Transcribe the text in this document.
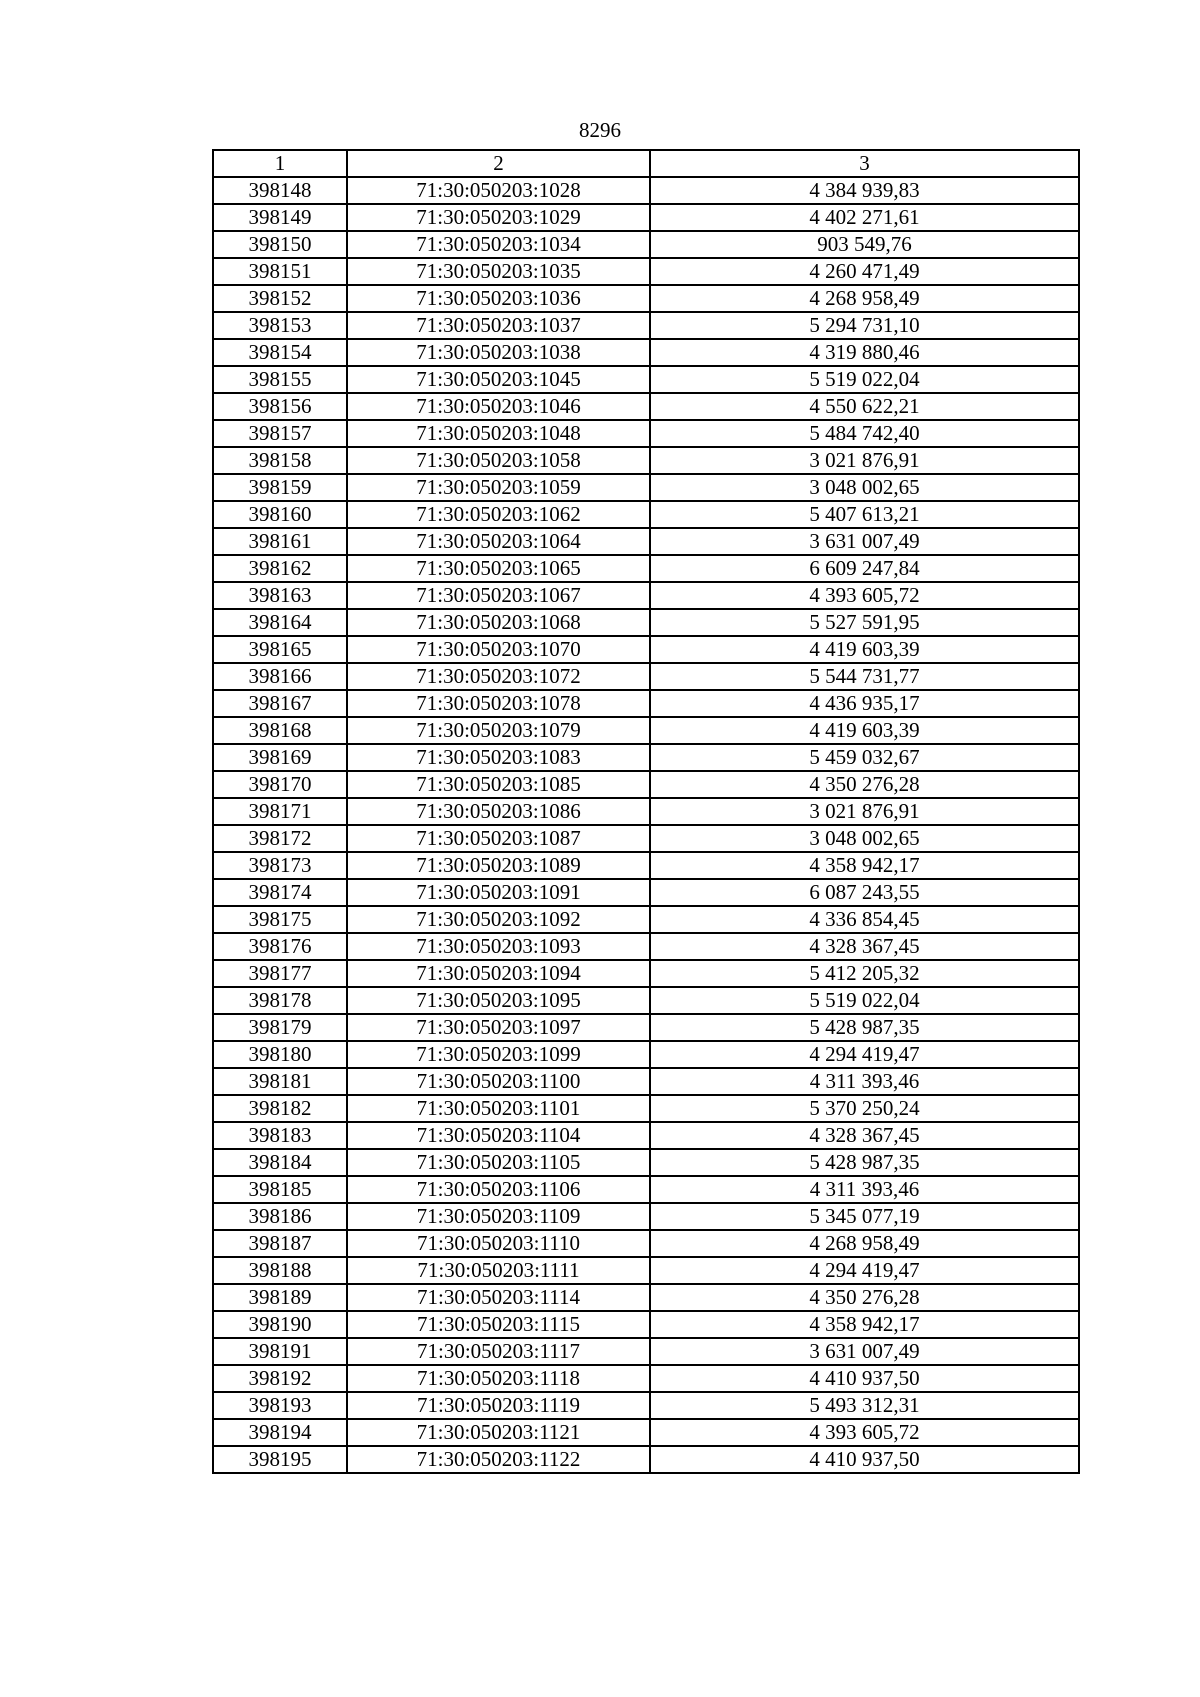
8296
1	2	3
398148	71:30:050203:1028	4 384 939,83
398149	71:30:050203:1029	4 402 271,61
398150	71:30:050203:1034	903 549,76
398151	71:30:050203:1035	4 260 471,49
398152	71:30:050203:1036	4 268 958,49
398153	71:30:050203:1037	5 294 731,10
398154	71:30:050203:1038	4 319 880,46
398155	71:30:050203:1045	5 519 022,04
398156	71:30:050203:1046	4 550 622,21
398157	71:30:050203:1048	5 484 742,40
398158	71:30:050203:1058	3 021 876,91
398159	71:30:050203:1059	3 048 002,65
398160	71:30:050203:1062	5 407 613,21
398161	71:30:050203:1064	3 631 007,49
398162	71:30:050203:1065	6 609 247,84
398163	71:30:050203:1067	4 393 605,72
398164	71:30:050203:1068	5 527 591,95
398165	71:30:050203:1070	4 419 603,39
398166	71:30:050203:1072	5 544 731,77
398167	71:30:050203:1078	4 436 935,17
398168	71:30:050203:1079	4 419 603,39
398169	71:30:050203:1083	5 459 032,67
398170	71:30:050203:1085	4 350 276,28
398171	71:30:050203:1086	3 021 876,91
398172	71:30:050203:1087	3 048 002,65
398173	71:30:050203:1089	4 358 942,17
398174	71:30:050203:1091	6 087 243,55
398175	71:30:050203:1092	4 336 854,45
398176	71:30:050203:1093	4 328 367,45
398177	71:30:050203:1094	5 412 205,32
398178	71:30:050203:1095	5 519 022,04
398179	71:30:050203:1097	5 428 987,35
398180	71:30:050203:1099	4 294 419,47
398181	71:30:050203:1100	4 311 393,46
398182	71:30:050203:1101	5 370 250,24
398183	71:30:050203:1104	4 328 367,45
398184	71:30:050203:1105	5 428 987,35
398185	71:30:050203:1106	4 311 393,46
398186	71:30:050203:1109	5 345 077,19
398187	71:30:050203:1110	4 268 958,49
398188	71:30:050203:1111	4 294 419,47
398189	71:30:050203:1114	4 350 276,28
398190	71:30:050203:1115	4 358 942,17
398191	71:30:050203:1117	3 631 007,49
398192	71:30:050203:1118	4 410 937,50
398193	71:30:050203:1119	5 493 312,31
398194	71:30:050203:1121	4 393 605,72
398195	71:30:050203:1122	4 410 937,50
